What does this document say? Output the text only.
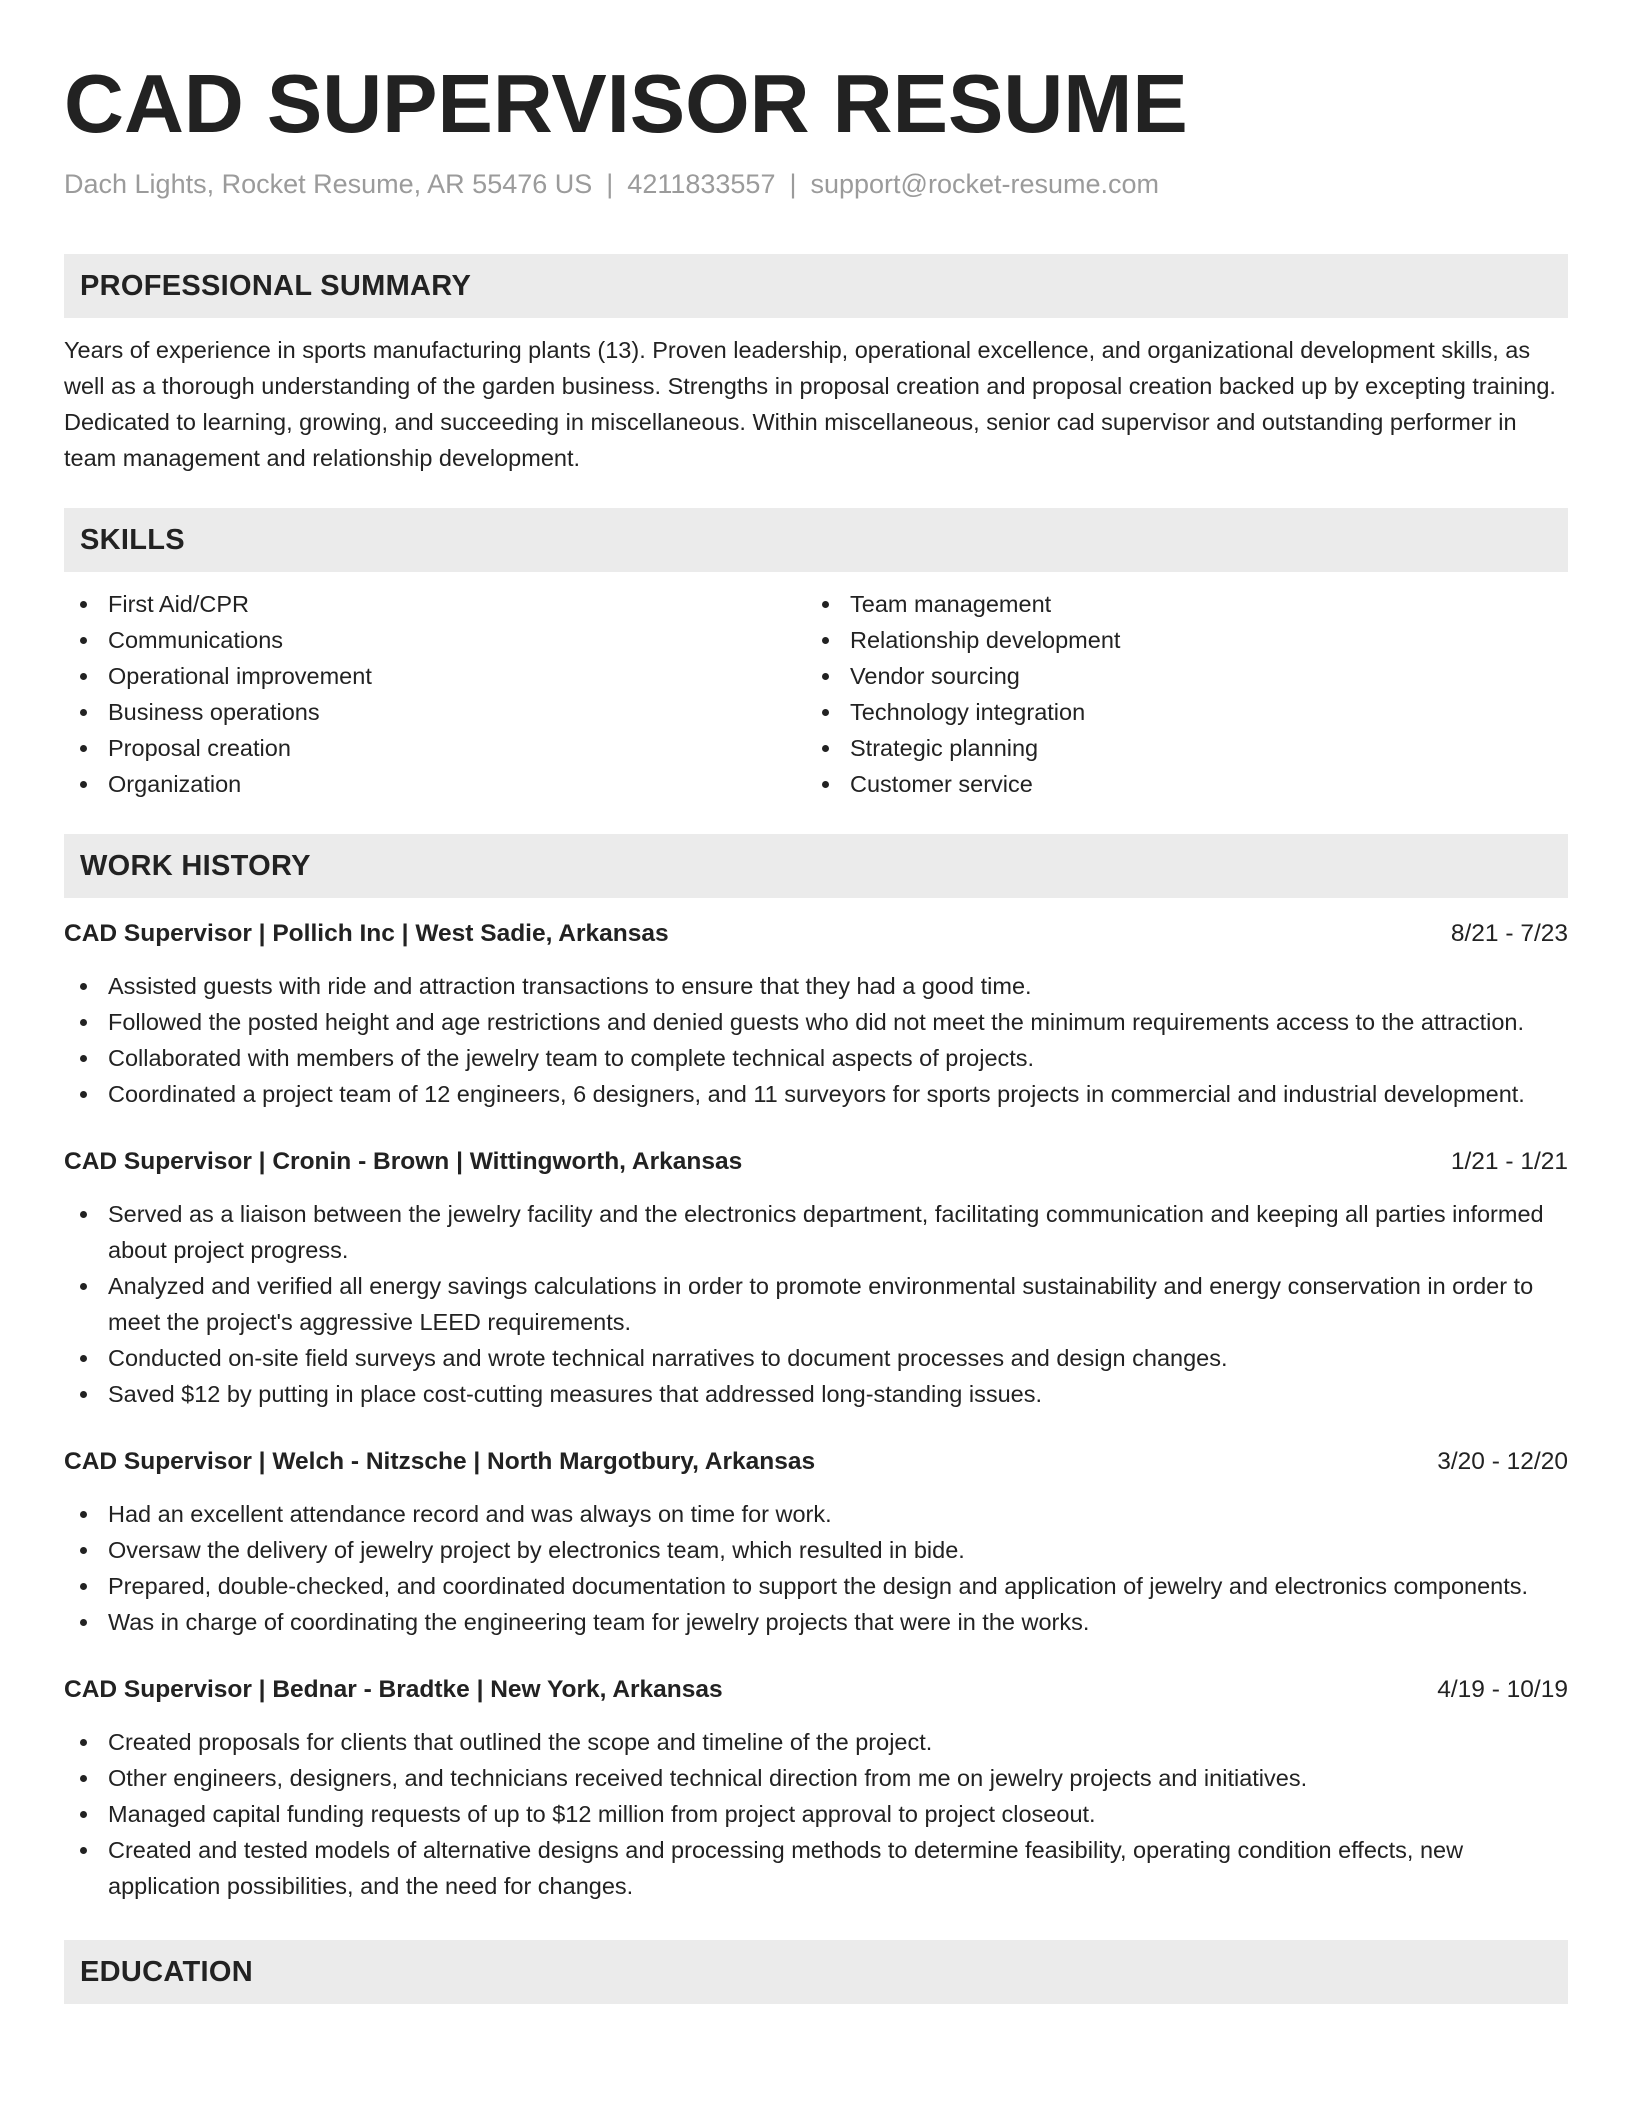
CAD SUPERVISOR RESUME
Dach Lights, Rocket Resume, AR 55476 US | 4211833557 | support@rocket-resume.com
PROFESSIONAL SUMMARY
Years of experience in sports manufacturing plants (13). Proven leadership, operational excellence, and organizational development skills, as well as a thorough understanding of the garden business. Strengths in proposal creation and proposal creation backed up by excepting training. Dedicated to learning, growing, and succeeding in miscellaneous. Within miscellaneous, senior cad supervisor and outstanding performer in team management and relationship development.
SKILLS
First Aid/CPR
Communications
Operational improvement
Business operations
Proposal creation
Organization
Team management
Relationship development
Vendor sourcing
Technology integration
Strategic planning
Customer service
WORK HISTORY
CAD Supervisor | Pollich Inc | West Sadie, Arkansas	8/21 - 7/23
Assisted guests with ride and attraction transactions to ensure that they had a good time.
Followed the posted height and age restrictions and denied guests who did not meet the minimum requirements access to the attraction.
Collaborated with members of the jewelry team to complete technical aspects of projects.
Coordinated a project team of 12 engineers, 6 designers, and 11 surveyors for sports projects in commercial and industrial development.
CAD Supervisor | Cronin - Brown | Wittingworth, Arkansas	1/21 - 1/21
Served as a liaison between the jewelry facility and the electronics department, facilitating communication and keeping all parties informed about project progress.
Analyzed and verified all energy savings calculations in order to promote environmental sustainability and energy conservation in order to meet the project's aggressive LEED requirements.
Conducted on-site field surveys and wrote technical narratives to document processes and design changes.
Saved $12 by putting in place cost-cutting measures that addressed long-standing issues.
CAD Supervisor | Welch - Nitzsche | North Margotbury, Arkansas	3/20 - 12/20
Had an excellent attendance record and was always on time for work.
Oversaw the delivery of jewelry project by electronics team, which resulted in bide.
Prepared, double-checked, and coordinated documentation to support the design and application of jewelry and electronics components.
Was in charge of coordinating the engineering team for jewelry projects that were in the works.
CAD Supervisor | Bednar - Bradtke | New York, Arkansas	4/19 - 10/19
Created proposals for clients that outlined the scope and timeline of the project.
Other engineers, designers, and technicians received technical direction from me on jewelry projects and initiatives.
Managed capital funding requests of up to $12 million from project approval to project closeout.
Created and tested models of alternative designs and processing methods to determine feasibility, operating condition effects, new application possibilities, and the need for changes.
EDUCATION
